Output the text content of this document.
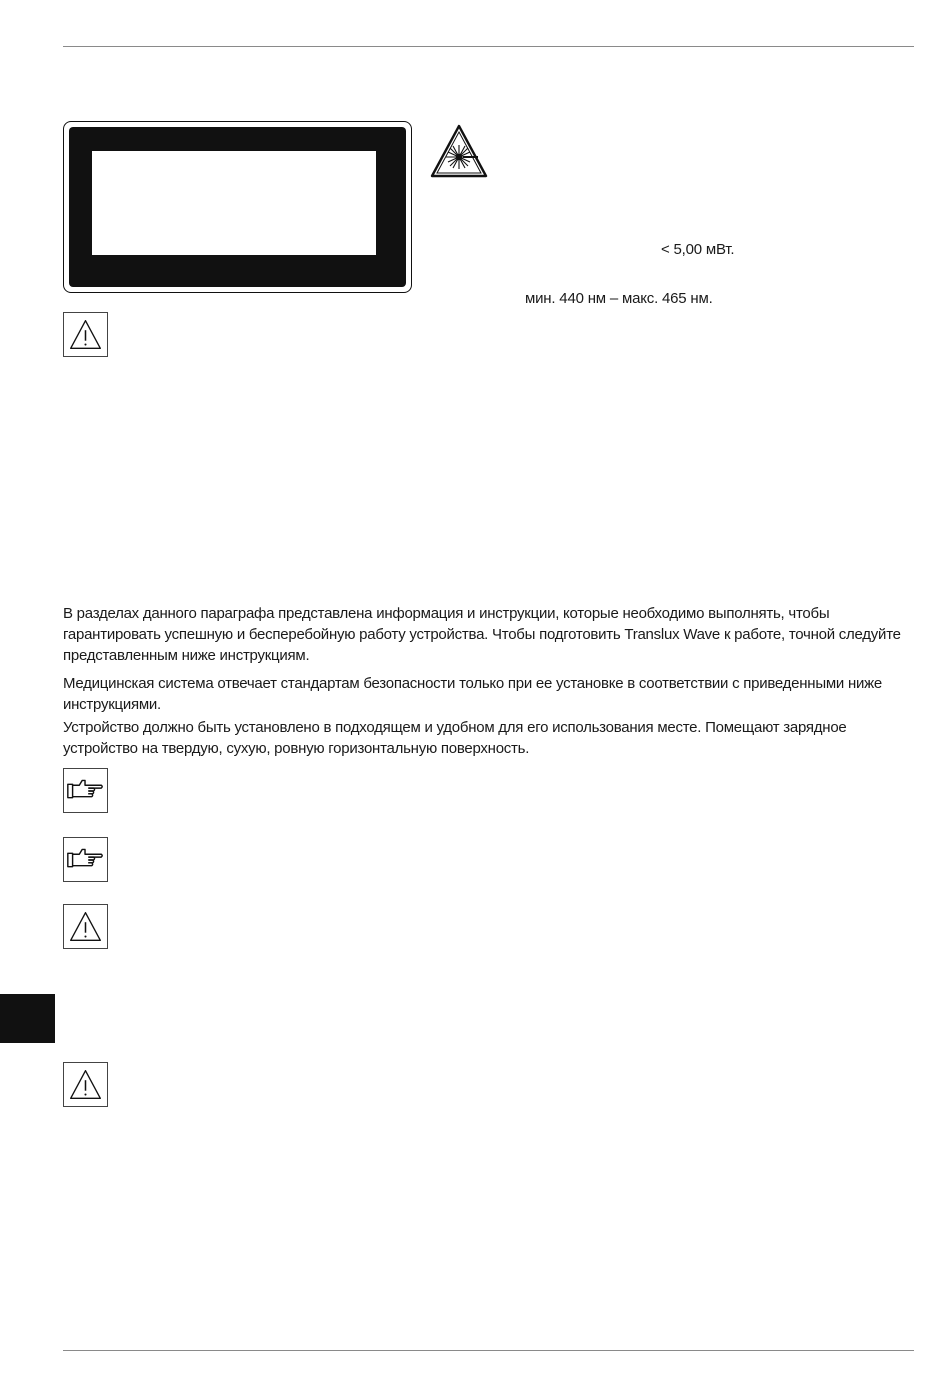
< 5,00 мВт.
мин. 440 нм – макс. 465 нм.
В разделах данного параграфа представлена информация и инструкции, которые необходимо выполнять, чтобы гарантировать успешную и бесперебойную работу устройства. Чтобы подготовить Translux Wave к работе, точной следуйте представленным ниже инструкциям.
Медицинская система отвечает стандартам безопасности только при ее установке в соответствии с приведенными ниже инструкциями.
Устройство должно быть установлено в подходящем и удобном для его использования месте. Помещают зарядное устройство на твердую, сухую, ровную горизонтальную поверхность.
